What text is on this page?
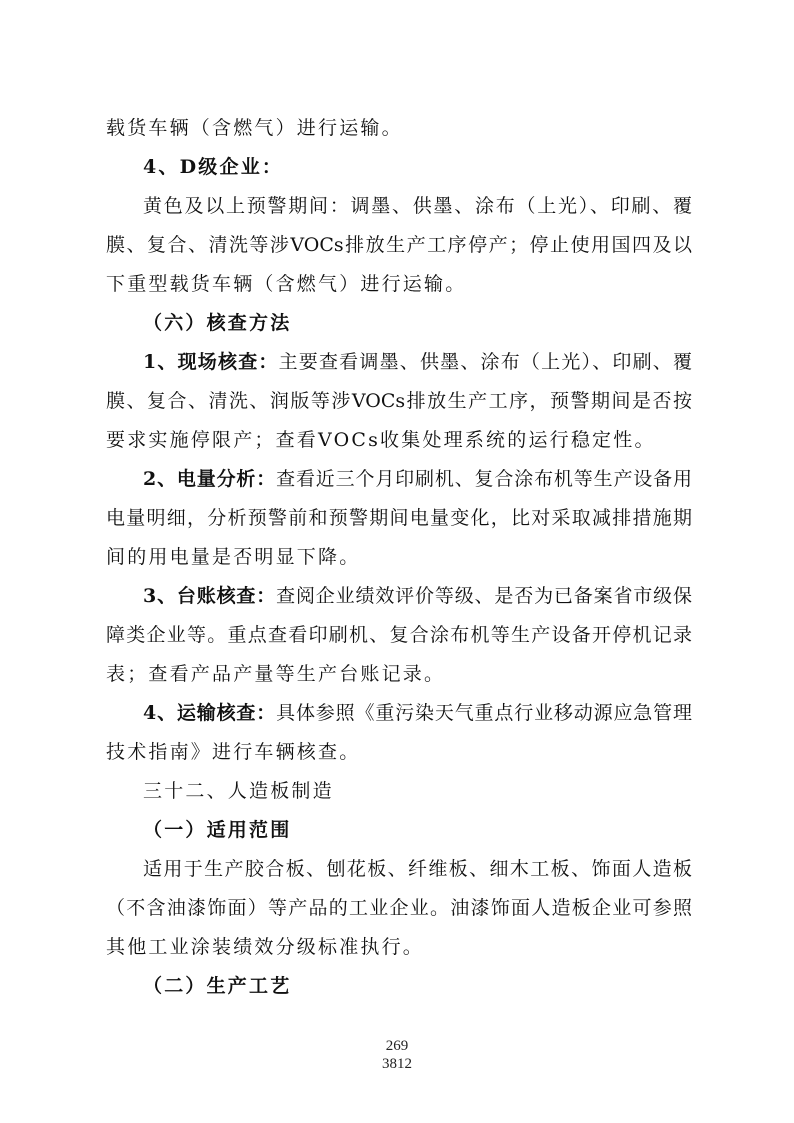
载货车辆（含燃气）进行运输。
4、D级企业：
黄色及以上预警期间：调墨、供墨、涂布（上光）、印刷、覆
膜、复合、清洗等涉VOCs排放生产工序停产；停止使用国四及以
下重型载货车辆（含燃气）进行运输。
（六）核查方法
1、现场核查：主要查看调墨、供墨、涂布（上光）、印刷、覆
膜、复合、清洗、润版等涉VOCs排放生产工序，预警期间是否按
要求实施停限产；查看VOCs收集处理系统的运行稳定性。
2、电量分析：查看近三个月印刷机、复合涂布机等生产设备用
电量明细，分析预警前和预警期间电量变化，比对采取减排措施期
间的用电量是否明显下降。
3、台账核查：查阅企业绩效评价等级、是否为已备案省市级保
障类企业等。重点查看印刷机、复合涂布机等生产设备开停机记录
表；查看产品产量等生产台账记录。
4、运输核查：具体参照《重污染天气重点行业移动源应急管理
技术指南》进行车辆核查。
三十二、人造板制造
（一）适用范围
适用于生产胶合板、刨花板、纤维板、细木工板、饰面人造板
（不含油漆饰面）等产品的工业企业。油漆饰面人造板企业可参照
其他工业涂装绩效分级标准执行。
（二）生产工艺
269
3812
